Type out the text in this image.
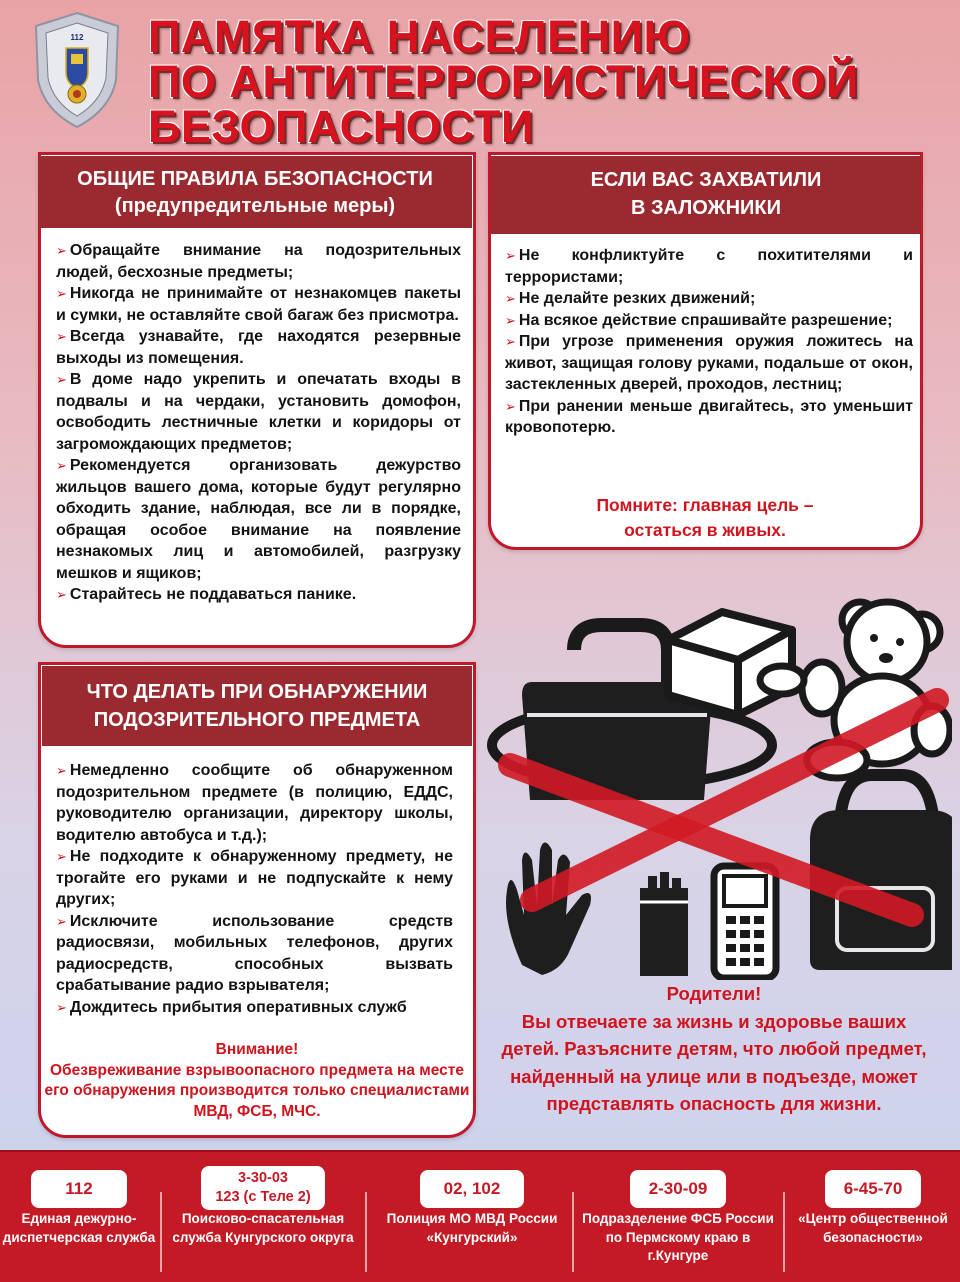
112 ПАМЯТКА НАСЕЛЕНИЮ
ПО АНТИТЕРРОРИСТИЧЕСКОЙ
БЕЗОПАСНОСТИ
ОБЩИЕ ПРАВИЛА БЕЗОПАСНОСТИ
(предупредительные меры)

➢ Обращайте внимание на подозрительных людей, бесхозные предметы;

➢ Никогда не принимайте от незнакомцев пакеты и сумки, не оставляйте свой багаж без присмотра.

➢ Всегда узнавайте, где находятся резервные выходы из помещения.

➢ В доме надо укрепить и опечатать входы в подвалы и на чердаки, установить домофон, освободить лестничные клетки и коридоры от загромождающих предметов;

➢ Рекомендуется организовать дежурство жильцов вашего дома, которые будут регулярно обходить здание, наблюдая, все ли в порядке, обращая особое внимание на появление незнакомых лиц и автомобилей, разгрузку мешков и ящиков;

➢ Старайтесь не поддаваться панике.

ЕСЛИ ВАС ЗАХВАТИЛИ
В ЗАЛОЖНИКИ

➢ Не конфликтуйте с похитителями и террористами;

➢ Не делайте резких движений;

➢ На всякое действие спрашивайте разрешение;

➢ При угрозе применения оружия ложитесь на живот, защищая голову руками, подальше от окон, застекленных дверей, проходов, лестниц;

➢ При ранении меньше двигайтесь, это уменьшит кровопотерю.

Помните: главная цель –
остаться в живых.
ЧТО ДЕЛАТЬ ПРИ ОБНАРУЖЕНИИ
ПОДОЗРИТЕЛЬНОГО ПРЕДМЕТА

➢ Немедленно сообщите об обнаруженном подозрительном предмете (в полицию, ЕДДС, руководителю организации, директору школы, водителю автобуса и т.д.);

➢ Не подходите к обнаруженному предмету, не трогайте его руками и не подпускайте к нему других;

➢ Исключите использование средств радиосвязи, мобильных телефонов, других радиосредств, способных вызвать срабатывание радио взрывателя;

➢ Дождитесь прибытия оперативных служб

Внимание!
Обезвреживание взрывоопасного предмета на месте его обнаружения производится только специалистами МВД, ФСБ, МЧС.
Родители!
Вы отвечаете за жизнь и здоровье ваших детей. Разъясните детям, что любой предмет, найденный на улице или в подъезде, может представлять опасность для жизни.
112
Единая дежурно-диспетчерская служба
3-30-03
123 (с Теле 2)
Поисково-спасательная служба Кунгурского округа
02, 102
Полиция МО МВД России «Кунгурский»
2-30-09
Подразделение ФСБ России по Пермскому краю в г.Кунгуре
6-45-70
«Центр общественной безопасности»
